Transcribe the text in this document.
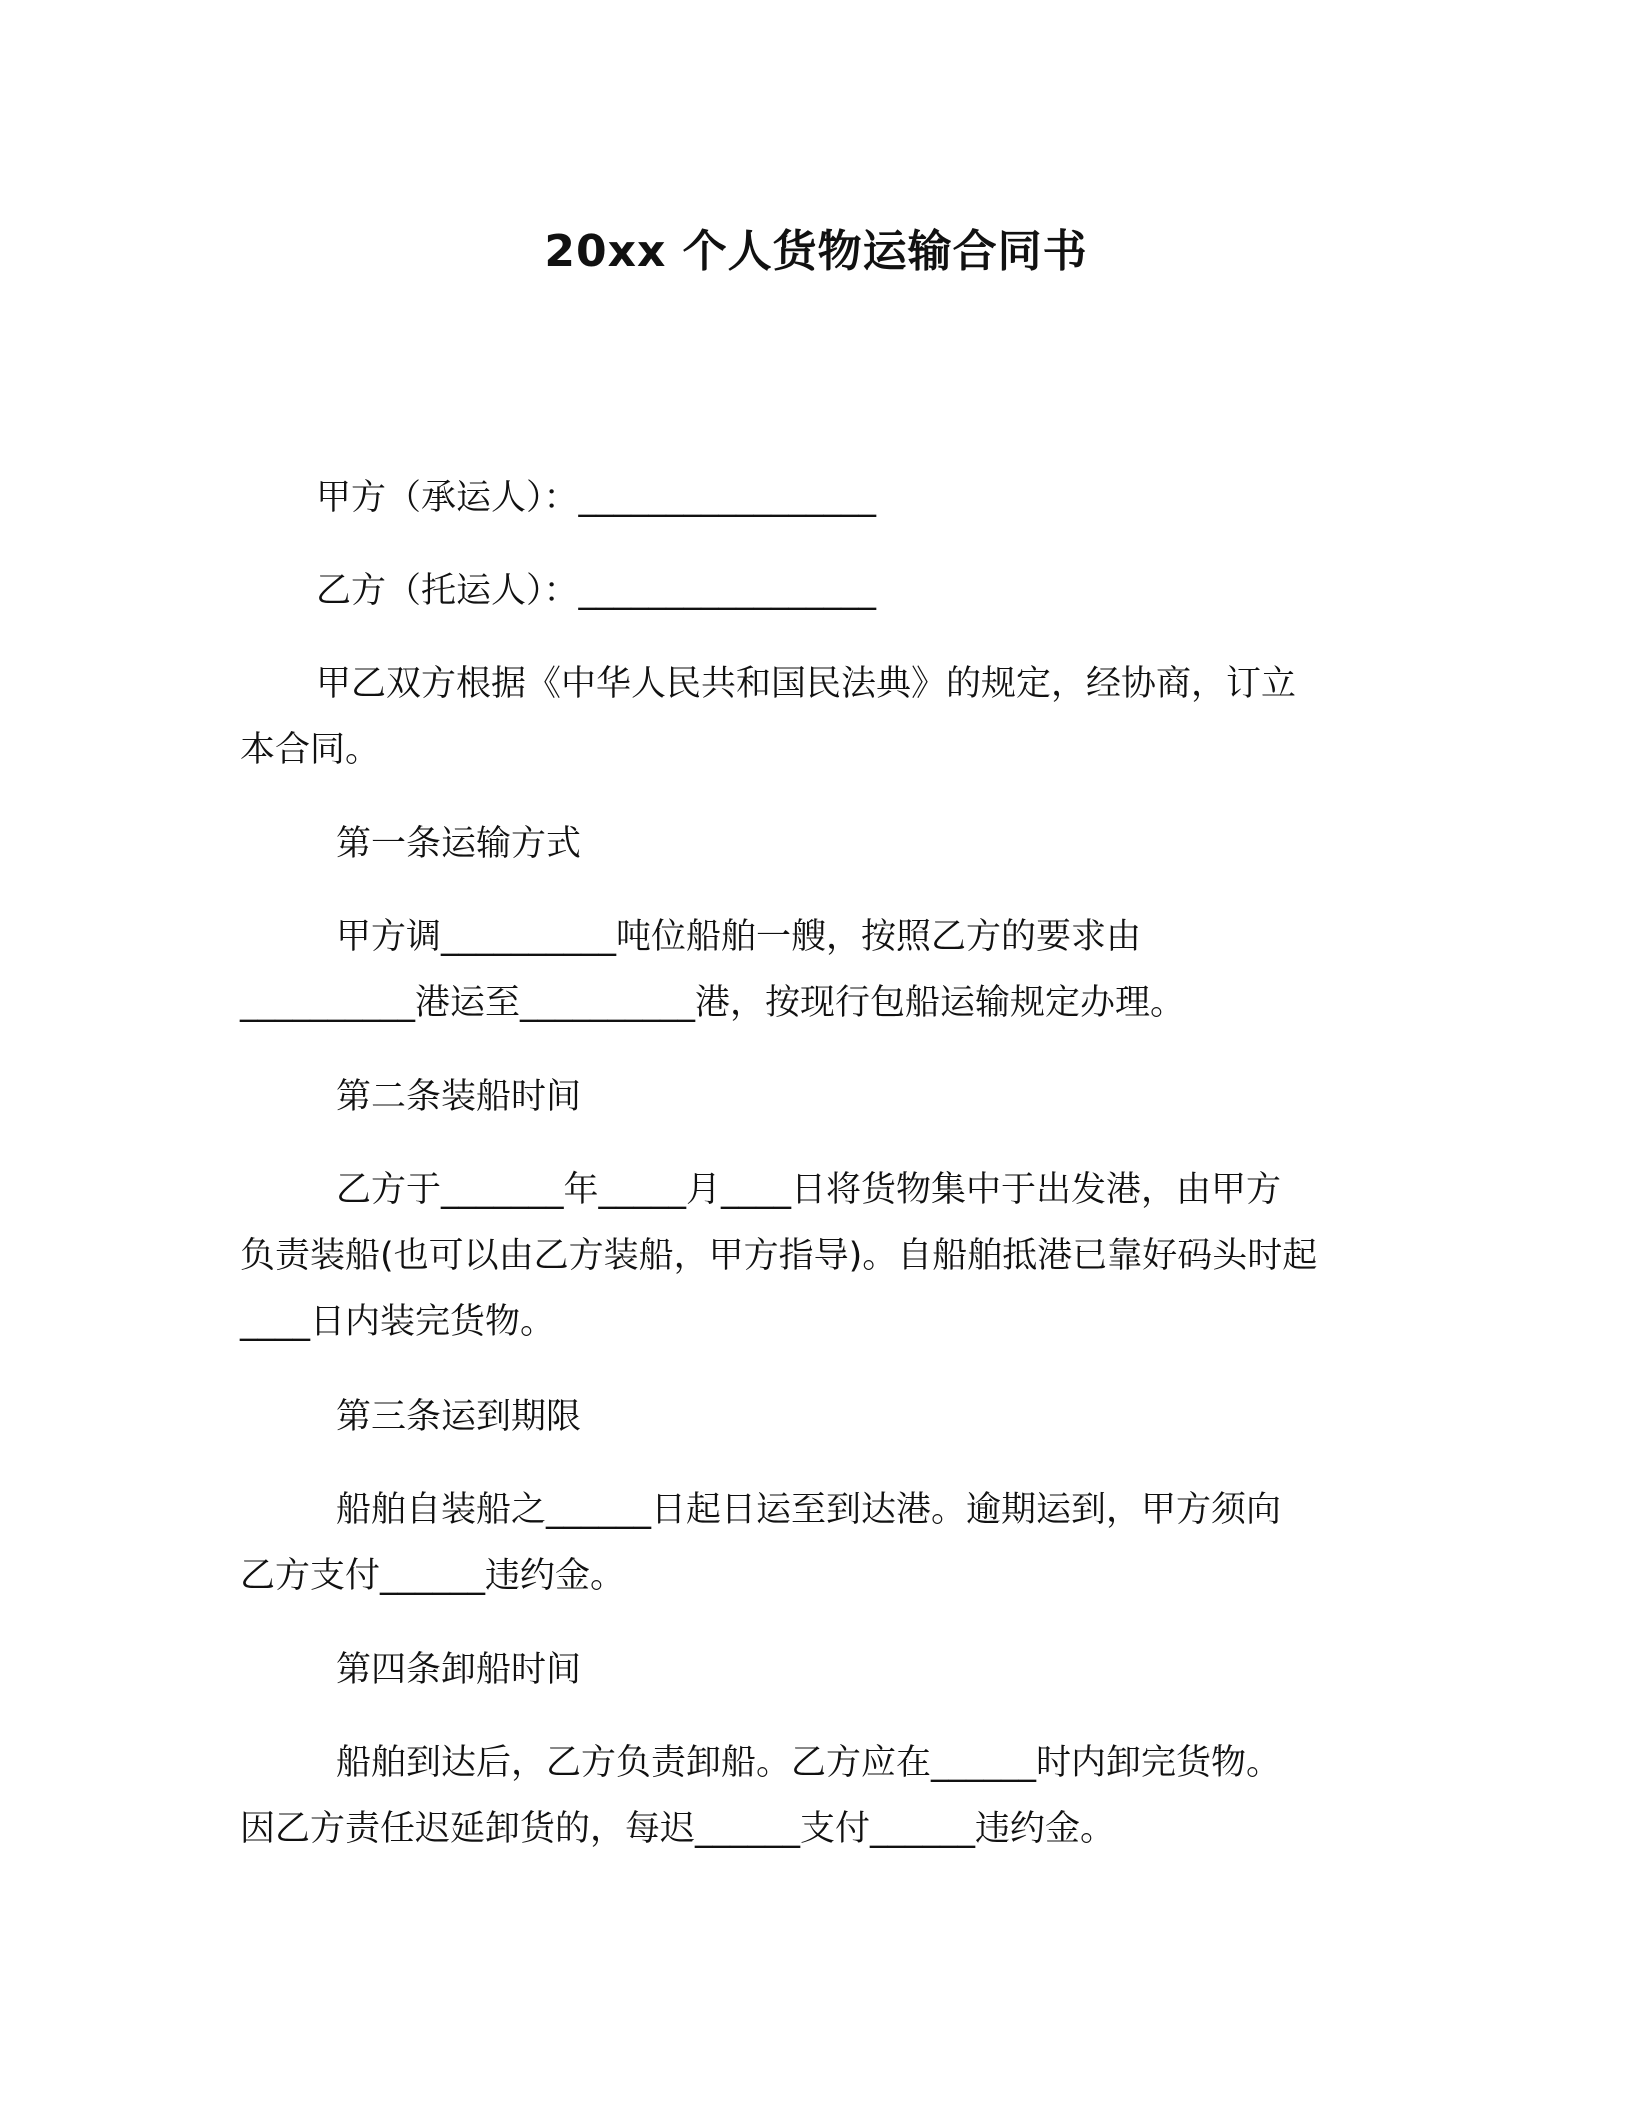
20xx 个人货物运输合同书
甲方（承运人）：_________________
乙方（托运人）：_________________
甲乙双方根据《中华人民共和国民法典》的规定，经协商，订立
本合同。
第一条运输方式
甲方调__________吨位船舶一艘，按照乙方的要求由
__________港运至__________港，按现行包船运输规定办理。
第二条装船时间
乙方于_______年_____月____日将货物集中于出发港，由甲方
负责装船(也可以由乙方装船，甲方指导)。自船舶抵港已靠好码头时起
____日内装完货物。
第三条运到期限
船舶自装船之______日起日运至到达港。逾期运到，甲方须向
乙方支付______违约金。
第四条卸船时间
船舶到达后，乙方负责卸船。乙方应在______时内卸完货物。
因乙方责任迟延卸货的，每迟______支付______违约金。
